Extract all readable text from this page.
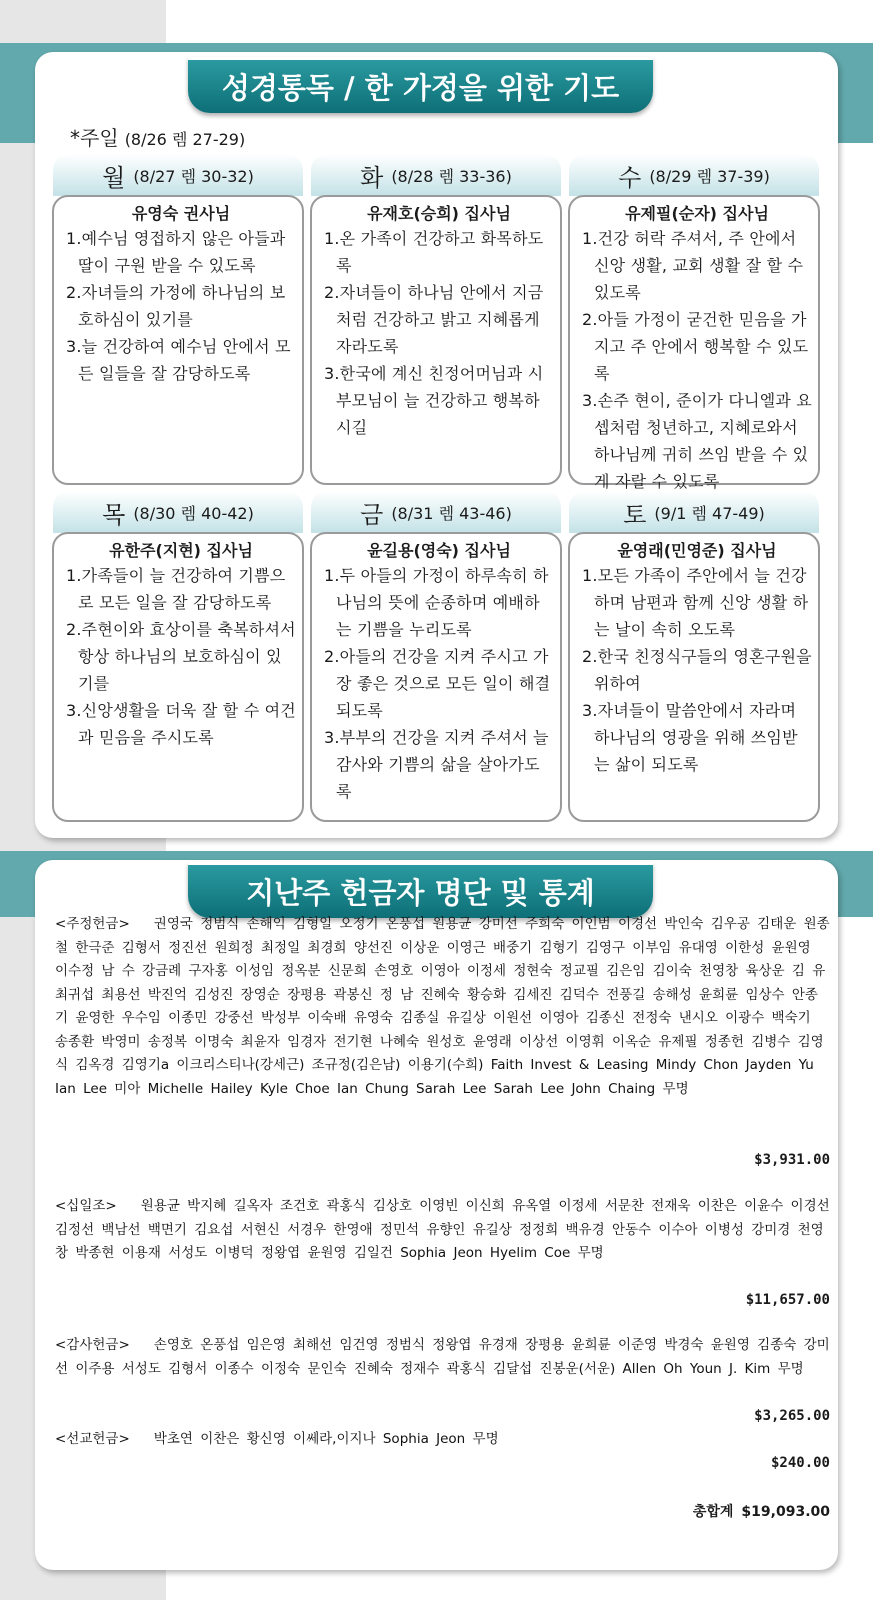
성경통독 / 한 가정을 위한 기도
*주일 (8/26 렘 27-29)
월 (8/27 렘 30-32)
유영숙 권사님
1.예수님 영접하지 않은 아들과 딸이 구원 받을 수 있도록
2.자녀들의 가정에 하나님의 보호하심이 있기를
3.늘 건강하여 예수님 안에서 모든 일들을 잘 감당하도록
화 (8/28 렘 33-36)
유재호(승희) 집사님
1.온 가족이 건강하고 화목하도록
2.자녀들이 하나님 안에서 지금처럼 건강하고 밝고 지혜롭게 자라도록
3.한국에 계신 친정어머님과 시부모님이 늘 건강하고 행복하시길
수 (8/29 렘 37-39)
유제필(순자) 집사님
1.건강 허락 주셔서, 주 안에서 신앙 생활, 교회 생활 잘 할 수 있도록
2.아들 가정이 굳건한 믿음을 가지고 주 안에서 행복할 수 있도록
3.손주 현이, 준이가 다니엘과 요셉처럼 청년하고, 지혜로와서 하나님께 귀히 쓰임 받을 수 있게 자랄 수 있도록
목 (8/30 렘 40-42)
유한주(지현) 집사님
1.가족들이 늘 건강하여 기쁨으로 모든 일을 잘 감당하도록
2.주현이와 효상이를 축복하셔서 항상 하나님의 보호하심이 있기를
3.신앙생활을 더욱 잘 할 수 여건과 믿음을 주시도록
금 (8/31 렘 43-46)
윤길용(영숙) 집사님
1.두 아들의 가정이 하루속히 하나님의 뜻에 순종하며 예배하는 기쁨을 누리도록
2.아들의 건강을 지켜 주시고 가장 좋은 것으로 모든 일이 해결되도록
3.부부의 건강을 지켜 주셔서 늘 감사와 기쁨의 삶을 살아가도록
토 (9/1 렘 47-49)
윤영래(민영준) 집사님
1.모든 가족이 주안에서 늘 건강하며 남편과 함께 신앙 생활 하는 날이 속히 오도록
2.한국 친정식구들의 영혼구원을 위하여
3.자녀들이 말씀안에서 자라며 하나님의 영광을 위해 쓰임받는 삶이 되도록
지난주 헌금자 명단 및 통계
<주정헌금> 권영국 정범식 손해익 김형일 오정기 온풍섭 원용균 강미선 주희숙 이인범 이경선 박인숙 김우공 김태운 원종철 한극준 김형서 정진선 원희정 최정일 최경희 양선진 이상운 이영근 배중기 김형기 김영구 이부임 유대영 이한성 윤원영 이수정 남 수 강금례 구자홍 이성임 정옥분 신문희 손영호 이영아 이정세 정현숙 정교필 김은임 김이숙 천영창 육상운 김 유 최귀섭 최용선 박진억 김성진 장영순 장평용 곽봉신 정 남 진혜숙 황승화 김세진 김덕수 전풍길 송해성 윤희륜 임상수 안종기 윤영한 우수임 이종민 강중선 박성부 이숙배 유영숙 김종실 유길상 이원선 이영아 김종신 전정숙 낸시오 이광수 백숙기 송종환 박영미 송정복 이명숙 최윤자 임경자 전기현 나혜숙 원성호 윤영래 이상선 이영휘 이옥순 유제필 정종헌 김병수 김영식 김옥경 김영기a 이크리스티나(강세근) 조규정(김은남) 이용기(수희) Faith Invest & Leasing Mindy Chon Jayden Yu Ian Lee 미아 Michelle Hailey Kyle Choe Ian Chung Sarah Lee Sarah Lee John Chaing 무명
$3,931.00
<십일조> 원용균 박지혜 길옥자 조건호 곽홍식 김상호 이영빈 이신희 유옥열 이정세 서문찬 전재욱 이찬은 이윤수 이경선 김정선 백남선 백면기 김요섭 서현신 서경우 한영애 정민석 유향인 유길상 정정희 백유경 안동수 이수아 이병성 강미경 천영창 박종현 이용재 서성도 이병덕 정왕엽 윤원영 김일건 Sophia Jeon Hyelim Coe 무명
$11,657.00
<감사헌금> 손영호 온풍섭 임은영 최해선 임건영 정범식 정왕엽 유경재 장평용 윤희륜 이준영 박경숙 윤원영 김종숙 강미선 이주용 서성도 김형서 이종수 이정숙 문인숙 진혜숙 정재수 곽홍식 김달섭 진봉운(서운) Allen Oh Youn J. Kim 무명
$3,265.00
<선교헌금> 박초연 이찬은 황신영 이쎄라,이지나 Sophia Jeon 무명
$240.00
총합계 $19,093.00
